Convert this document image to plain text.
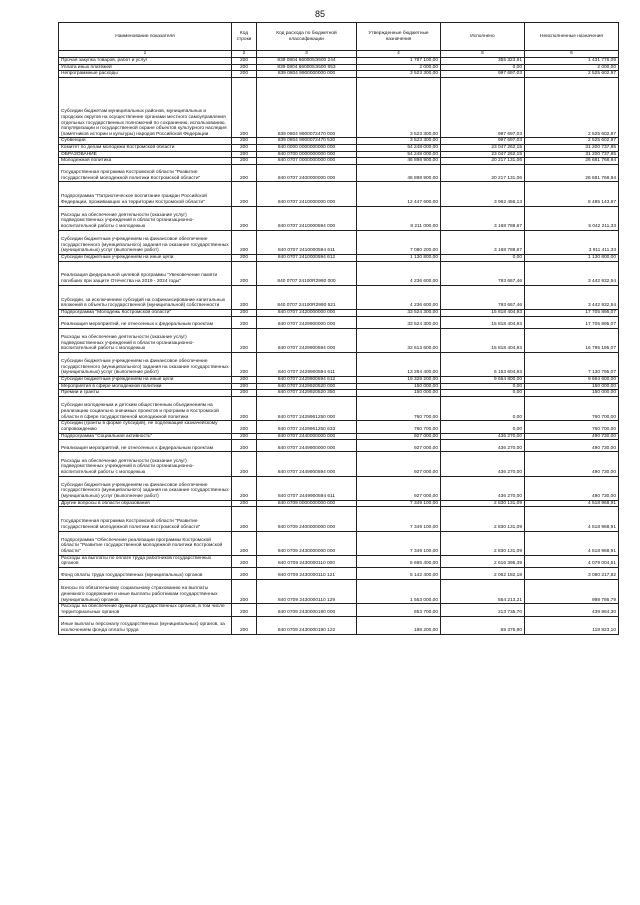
85
Наименование показателя	Код строки	Код расхода по бюджетной классификации	Утвержденные бюджетные назначения	Исполнено	Неисполненные назначения
1	2	3	4	5	6
Прочая закупка товаров, работ и услуг	200	839 0804 660005Э500 244	1 787 100,00	355 323,91	1 431 776,09
Уплата иных платежей	200	839 0804 660005Э500 853	2 000,00	0,00	2 000,00
Непрограммные расходы	200	839 0804 9900000000 000	3 523 300,00	997 697,03	2 525 602,97
Субсидии бюджетам муниципальных районов, муниципальных и городских округов на осуществление органами местного самоуправления отдельных государственных полномочий по сохранению, использованию, популяризации и государственной охране объектов культурного наследия (памятников истории и культуры) народов Российской Федерации	200	839 0804 9900072470 000	3 523 300,00	997 697,03	2 525 602,97
Субвенции	200	839 0804 9900072470 530	3 523 300,00	997 697,03	2 525 602,97
Комитет по делам молодежи Костромской области	200	840 0000 0000000000 000	54 248 000,00	23 047 262,15	31 200 737,85
ОБРАЗОВАНИЕ	200	840 0700 0000000000 000	54 248 000,00	23 047 262,15	31 200 737,85
Молодежная политика	200	840 0707 0000000000 000	46 898 900,00	20 217 131,06	26 681 768,94
Государственная программа Костромской области "Развитие государственной молодежной политики Костромской области"	200	840 0707 2400000000 000	46 898 900,00	20 217 131,06	26 681 768,94
Подпрограмма "Патриотическое воспитание граждан Российской Федерации, проживающих на территории Костромской области"	200	840 0707 2410000000 000	12 447 600,00	3 962 456,13	8 485 143,87
Расходы на обеспечение деятельности (оказание услуг) подведомственных учреждений в области организационно-воспитательной работы с молодежью	200	840 0707 2410000594 000	8 211 000,00	3 168 788,67	5 042 211,33
Субсидии бюджетным учреждениям на финансовое обеспечение государственного (муниципального) задания на оказание государственных (муниципальных) услуг (выполнение работ)	200	840 0707 2410000594 611	7 080 200,00	3 168 788,67	3 911 411,33
Субсидии бюджетным учреждениям на иные цели	200	840 0707 2410000594 612	1 130 800,00	0,00	1 130 800,00
Реализация федеральной целевой программы "Увековечение памяти погибших при защите Отечества на 2019 - 2024 годы"	200	840 0707 24100R2990 000	4 236 600,00	793 667,46	3 442 932,54
Субсидии, за исключением субсидий на софинансирование капитальных вложений в объекты государственной (муниципальной) собственности	200	840 0707 24100R2990 521	4 236 600,00	793 667,46	3 442 932,54
Подпрограмма "Молодежь Костромской области"	200	840 0707 2420000000 000	33 524 300,00	15 818 404,93	17 705 895,07
Реализация мероприятий, не отнесенных к федеральным проектам	200	840 0707 2429900000 000	33 524 300,00	15 818 404,93	17 705 895,07
Расходы на обеспечение деятельности (оказание услуг) подведомственных учреждений в области организационно-воспитательной работы с молодежью	200	840 0707 2429900594 000	32 613 600,00	15 818 404,93	16 795 195,07
Субсидии бюджетным учреждениям на финансовое обеспечение государственного (муниципального) задания на оказание государственных (муниципальных) услуг (выполнение работ)	200	840 0707 2429900594 611	13 284 400,00	6 153 604,93	7 130 795,07
Субсидии бюджетным учреждениям на иные цели	200	840 0707 2429900594 612	19 329 200,00	9 664 800,00	9 664 600,00
Мероприятия в сфере молодежной политики	200	840 0707 2429920520 000	150 000,00	0,00	150 000,00
Премии и гранты	200	840 0707 2429920520 350	150 000,00	0,00	150 000,00
Субсидии молодежным и детским общественным объединениям на реализацию социально значимых проектов и программ в Костромской области в сфере государственной молодежной политики	200	840 0707 2429961250 000	760 700,00	0,00	760 700,00
Субсидии (гранты в форме субсидий), не подлежащие казначейскому сопровождению	200	840 0707 2429961250 633	760 700,00	0,00	760 700,00
Подпрограмма "Социальная активность"	200	840 0707 2440000000 000	927 000,00	436 270,00	490 730,00
Реализация мероприятий, не отнесенных к федеральным проектам	200	840 0707 2449900000 000	927 000,00	436 270,00	490 730,00
Расходы на обеспечение деятельности (оказание услуг) подведомственных учреждений в области организационно-воспитательной работы с молодежью	200	840 0707 2449900594 000	927 000,00	436 270,00	490 730,00
Субсидии бюджетным учреждениям на финансовое обеспечение государственного (муниципального) задания на оказание государственных (муниципальных) услуг (выполнение работ)	200	840 0707 2449900594 611	927 000,00	436 270,00	490 730,00
Другие вопросы в области образования	200	840 0709 0000000000 000	7 349 100,00	2 830 131,09	4 518 968,91
Государственная программа Костромской области "Развитие государственной молодежной политики Костромской области"	200	840 0709 2400000000 000	7 349 100,00	2 830 131,09	4 518 968,91
Подпрограмма "Обеспечение реализации программы Костромской области "Развитие государственной молодежной политики Костромской области"	200	840 0709 2430000000 000	7 349 100,00	2 830 131,09	4 518 968,91
Расходы на выплаты по оплате труда работников государственных органов	200	840 0709 2430000110 000	6 695 400,00	2 616 395,39	4 079 004,61
Фонд оплаты труда государственных (муниципальных) органов	200	840 0709 2430000110 121	5 142 400,00	2 062 182,18	3 080 217,82
Взносы по обязательному социальному страхованию на выплаты денежного содержания и иные выплаты работникам государственных (муниципальных) органов	200	840 0709 2430000110 129	1 553 000,00	554 213,21	998 786,79
Расходы на обеспечение функций государственных органов, в том числе территориальных органов	200	840 0709 2430000190 000	653 700,00	213 735,70	439 964,30
Иные выплаты персоналу государственных (муниципальных) органов, за исключением фонда оплаты труда	200	840 0709 2430000190 122	188 200,00	69 376,90	118 823,10
